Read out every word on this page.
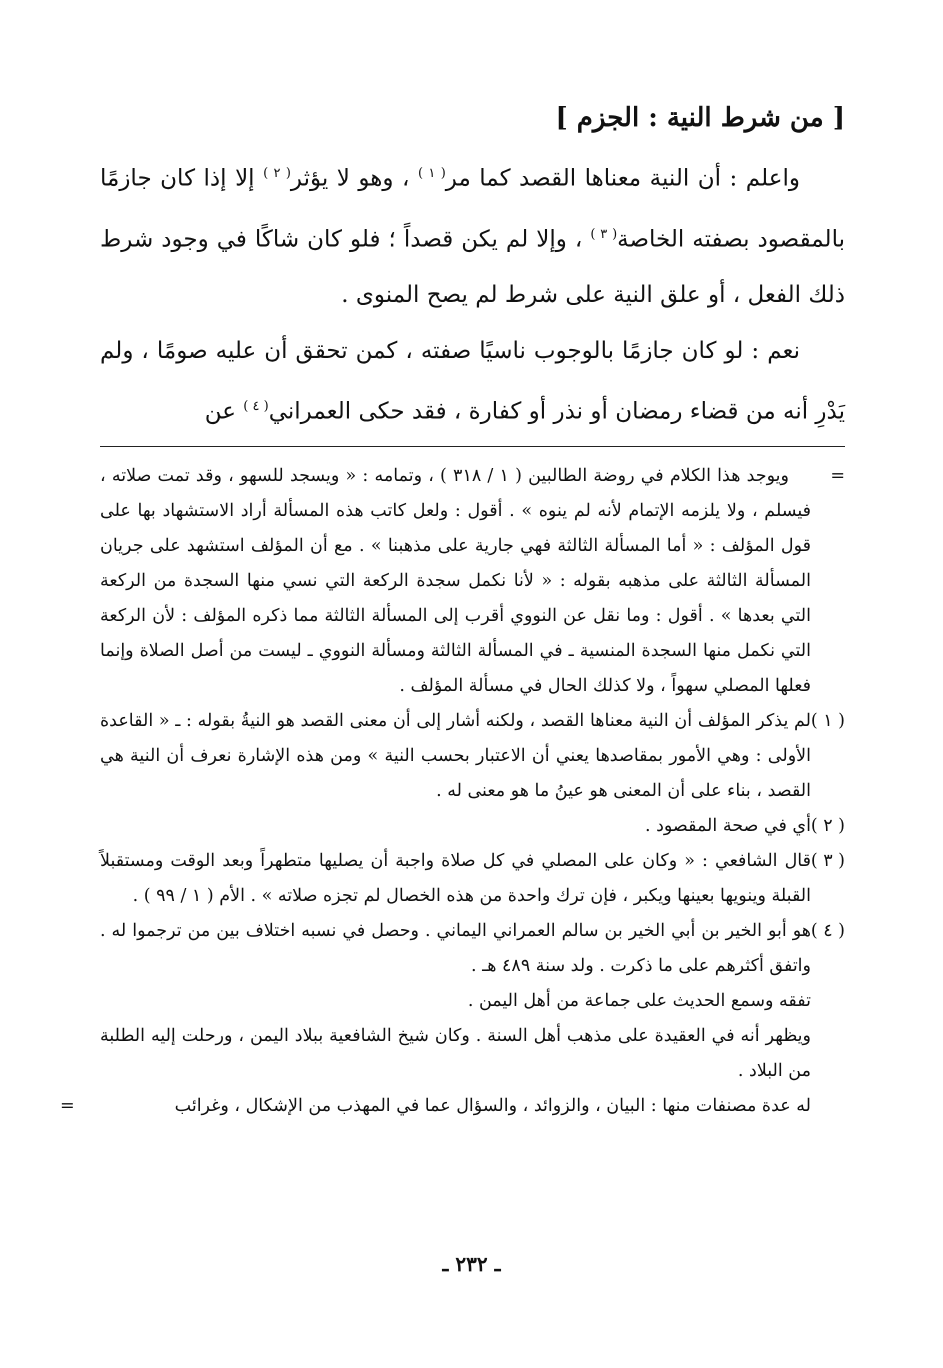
[ من شرط النية : الجزم ]

واعلم : أن النية معناها القصد كما مر$^{( ١ )}$ ، وهو لا يؤثر$^{( ٢ )}$ إلا إذا كان جازمًا بالمقصود بصفته الخاصة$^{( ٣ )}$ ، وإلا لم يكن قصداً ؛ فلو كان شاكًا في وجود شرط ذلك الفعل ، أو علق النية على شرط لم يصح المنوى .

نعم : لو كان جازمًا بالوجوب ناسيًا صفته ، كمن تحقق أن عليه صومًا ، ولم يَدْرِ أنه من قضاء رمضان أو نذر أو كفارة ، فقد حكى العمراني$^{( ٤ )}$ عن

=
ويوجد هذا الكلام في روضة الطالبين ( ١ / ٣١٨ ) ، وتمامه : « ويسجد للسهو ، وقد تمت صلاته ، فيسلم ، ولا يلزمه الإتمام لأنه لم ينوه » . أقول : ولعل كاتب هذه المسألة أراد الاستشهاد بها على قول المؤلف : « أما المسألة الثالثة فهي جارية على مذهبنا » . مع أن المؤلف استشهد على جريان المسألة الثالثة على مذهبه بقوله : « لأنا نكمل سجدة الركعة التي نسي منها السجدة من الركعة التي بعدها » . أقول : وما نقل عن النووي أقرب إلى المسألة الثالثة مما ذكره المؤلف : لأن الركعة التي نكمل منها السجدة المنسية ـ في المسألة الثالثة ومسألة النووي ـ ليست من أصل الصلاة وإنما فعلها المصلي سهواً ، ولا كذلك الحال في مسألة المؤلف .
( ١ )
لم يذكر المؤلف أن النية معناها القصد ، ولكنه أشار إلى أن معنى القصد هو النيةُ بقوله : ـ « القاعدة الأولى : وهي الأمور بمقاصدها يعني أن الاعتبار بحسب النية » ومن هذه الإشارة نعرف أن النية هي القصد ، بناء على أن المعنى هو عينُ ما هو معنى له .
( ٢ )
أي في صحة المقصود .
( ٣ )
قال الشافعي : « وكان على المصلي في كل صلاة واجبة أن يصليها متطهراً وبعد الوقت ومستقبلاً القبلة وينويها بعينها ويكبر ، فإن ترك واحدة من هذه الخصال لم تجزه صلاته » . الأم ( ١ / ٩٩ ) .
( ٤ )
هو أبو الخير بن أبي الخير بن سالم العمراني اليماني . وحصل في نسبه اختلاف بين من ترجموا له . واتفق أكثرهم على ما ذكرت . ولد سنة ٤٨٩ هـ .
تفقه وسمع الحديث على جماعة من أهل اليمن .
ويظهر أنه في العقيدة على مذهب أهل السنة . وكان شيخ الشافعية ببلاد اليمن ، ورحلت إليه الطلبة من البلاد .
له عدة مصنفات منها : البيان ، والزوائد ، والسؤال عما في المهذب من الإشكال ، وغرائب
=
ـ ٢٣٢ ـ
